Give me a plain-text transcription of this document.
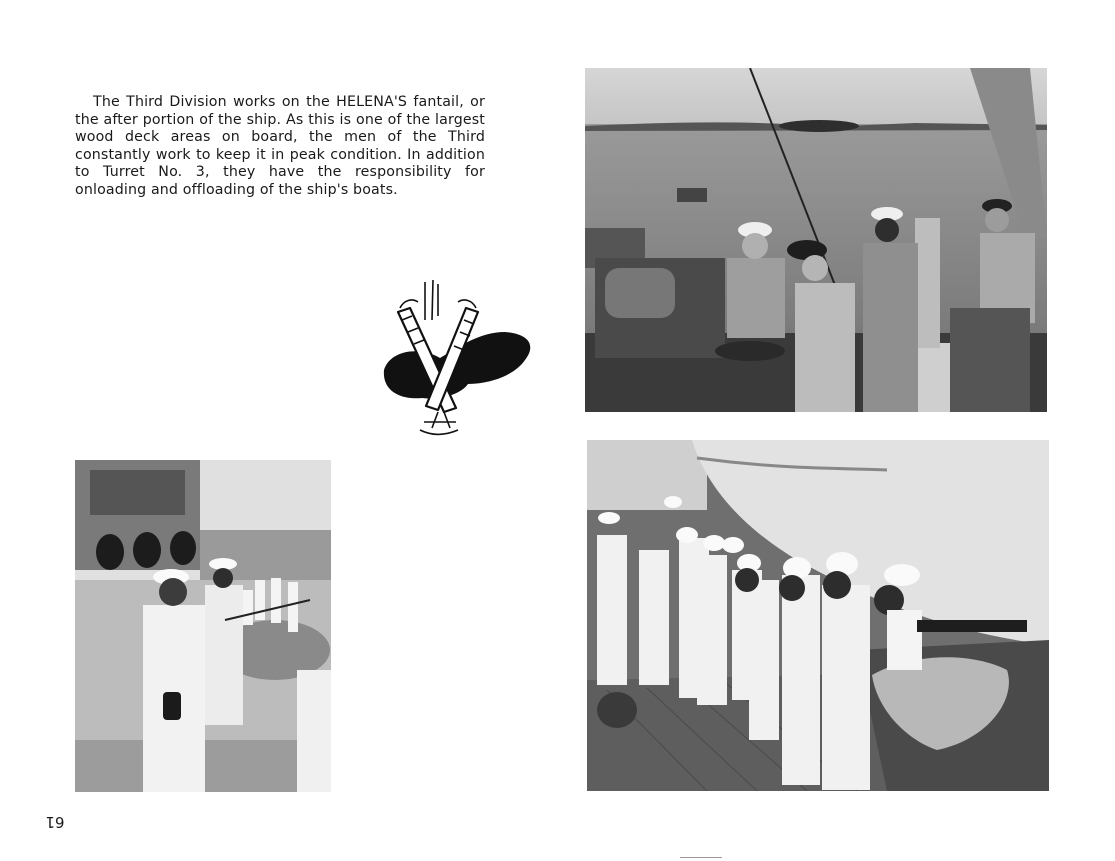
The Third Division works on the HELENA'S fantail, or the after portion of the ship. As this is one of the largest wood deck areas on board, the men of the Third constantly work to keep it in peak condition. In addition to Turret No. 3, they have the responsibility for onloading and offloading of the ship's boats.

61
